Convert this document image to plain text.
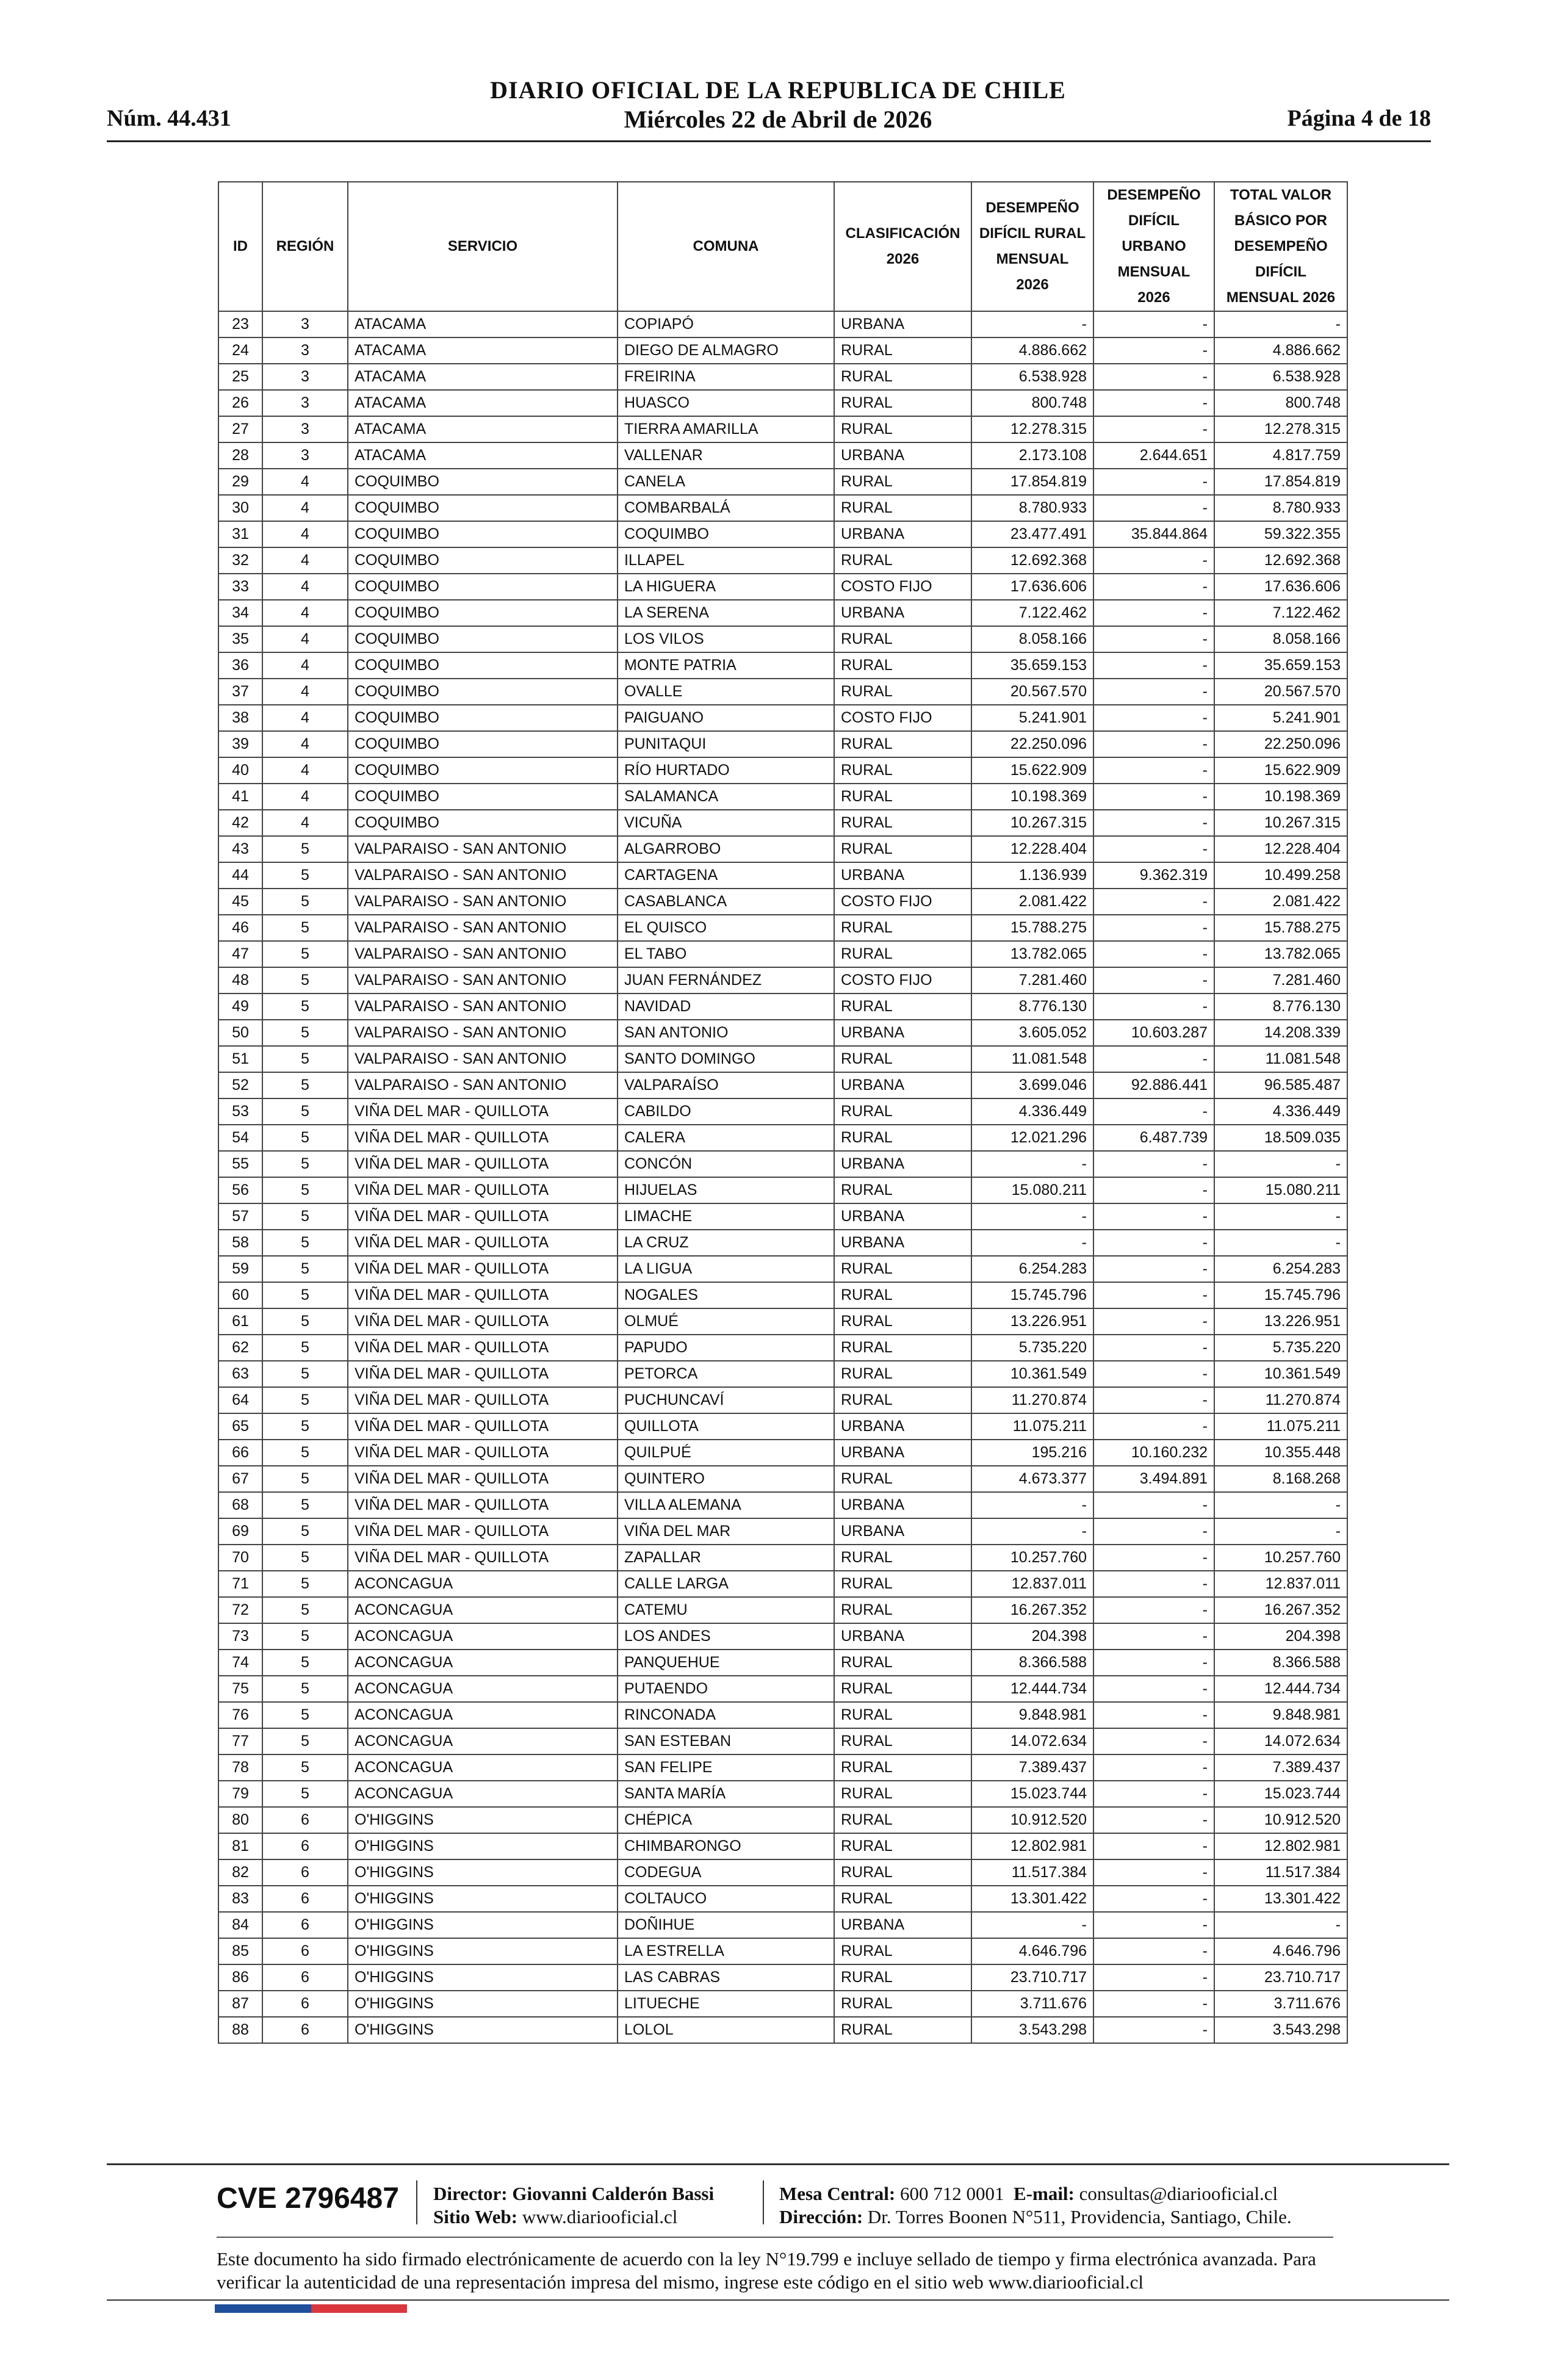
DIARIO OFICIAL DE LA REPUBLICA DE CHILE
Núm. 44.431	Miércoles 22 de Abril de 2026	Página 4 de 18
ID	REGIÓN	SERVICIO	COMUNA	CLASIFICACIÓN 2026	DESEMPEÑO DIFÍCIL RURAL MENSUAL 2026	DESEMPEÑO DIFÍCIL URBANO MENSUAL 2026	TOTAL VALOR BÁSICO POR DESEMPEÑO DIFÍCIL MENSUAL 2026
23	3	ATACAMA	COPIAPÓ	URBANA	-	-	-
24	3	ATACAMA	DIEGO DE ALMAGRO	RURAL	4.886.662	-	4.886.662
25	3	ATACAMA	FREIRINA	RURAL	6.538.928	-	6.538.928
26	3	ATACAMA	HUASCO	RURAL	800.748	-	800.748
27	3	ATACAMA	TIERRA AMARILLA	RURAL	12.278.315	-	12.278.315
28	3	ATACAMA	VALLENAR	URBANA	2.173.108	2.644.651	4.817.759
29	4	COQUIMBO	CANELA	RURAL	17.854.819	-	17.854.819
30	4	COQUIMBO	COMBARBALÁ	RURAL	8.780.933	-	8.780.933
31	4	COQUIMBO	COQUIMBO	URBANA	23.477.491	35.844.864	59.322.355
32	4	COQUIMBO	ILLAPEL	RURAL	12.692.368	-	12.692.368
33	4	COQUIMBO	LA HIGUERA	COSTO FIJO	17.636.606	-	17.636.606
34	4	COQUIMBO	LA SERENA	URBANA	7.122.462	-	7.122.462
35	4	COQUIMBO	LOS VILOS	RURAL	8.058.166	-	8.058.166
36	4	COQUIMBO	MONTE PATRIA	RURAL	35.659.153	-	35.659.153
37	4	COQUIMBO	OVALLE	RURAL	20.567.570	-	20.567.570
38	4	COQUIMBO	PAIGUANO	COSTO FIJO	5.241.901	-	5.241.901
39	4	COQUIMBO	PUNITAQUI	RURAL	22.250.096	-	22.250.096
40	4	COQUIMBO	RÍO HURTADO	RURAL	15.622.909	-	15.622.909
41	4	COQUIMBO	SALAMANCA	RURAL	10.198.369	-	10.198.369
42	4	COQUIMBO	VICUÑA	RURAL	10.267.315	-	10.267.315
43	5	VALPARAISO - SAN ANTONIO	ALGARROBO	RURAL	12.228.404	-	12.228.404
44	5	VALPARAISO - SAN ANTONIO	CARTAGENA	URBANA	1.136.939	9.362.319	10.499.258
45	5	VALPARAISO - SAN ANTONIO	CASABLANCA	COSTO FIJO	2.081.422	-	2.081.422
46	5	VALPARAISO - SAN ANTONIO	EL QUISCO	RURAL	15.788.275	-	15.788.275
47	5	VALPARAISO - SAN ANTONIO	EL TABO	RURAL	13.782.065	-	13.782.065
48	5	VALPARAISO - SAN ANTONIO	JUAN FERNÁNDEZ	COSTO FIJO	7.281.460	-	7.281.460
49	5	VALPARAISO - SAN ANTONIO	NAVIDAD	RURAL	8.776.130	-	8.776.130
50	5	VALPARAISO - SAN ANTONIO	SAN ANTONIO	URBANA	3.605.052	10.603.287	14.208.339
51	5	VALPARAISO - SAN ANTONIO	SANTO DOMINGO	RURAL	11.081.548	-	11.081.548
52	5	VALPARAISO - SAN ANTONIO	VALPARAÍSO	URBANA	3.699.046	92.886.441	96.585.487
53	5	VIÑA DEL MAR - QUILLOTA	CABILDO	RURAL	4.336.449	-	4.336.449
54	5	VIÑA DEL MAR - QUILLOTA	CALERA	RURAL	12.021.296	6.487.739	18.509.035
55	5	VIÑA DEL MAR - QUILLOTA	CONCÓN	URBANA	-	-	-
56	5	VIÑA DEL MAR - QUILLOTA	HIJUELAS	RURAL	15.080.211	-	15.080.211
57	5	VIÑA DEL MAR - QUILLOTA	LIMACHE	URBANA	-	-	-
58	5	VIÑA DEL MAR - QUILLOTA	LA CRUZ	URBANA	-	-	-
59	5	VIÑA DEL MAR - QUILLOTA	LA LIGUA	RURAL	6.254.283	-	6.254.283
60	5	VIÑA DEL MAR - QUILLOTA	NOGALES	RURAL	15.745.796	-	15.745.796
61	5	VIÑA DEL MAR - QUILLOTA	OLMUÉ	RURAL	13.226.951	-	13.226.951
62	5	VIÑA DEL MAR - QUILLOTA	PAPUDO	RURAL	5.735.220	-	5.735.220
63	5	VIÑA DEL MAR - QUILLOTA	PETORCA	RURAL	10.361.549	-	10.361.549
64	5	VIÑA DEL MAR - QUILLOTA	PUCHUNCAVÍ	RURAL	11.270.874	-	11.270.874
65	5	VIÑA DEL MAR - QUILLOTA	QUILLOTA	URBANA	11.075.211	-	11.075.211
66	5	VIÑA DEL MAR - QUILLOTA	QUILPUÉ	URBANA	195.216	10.160.232	10.355.448
67	5	VIÑA DEL MAR - QUILLOTA	QUINTERO	RURAL	4.673.377	3.494.891	8.168.268
68	5	VIÑA DEL MAR - QUILLOTA	VILLA ALEMANA	URBANA	-	-	-
69	5	VIÑA DEL MAR - QUILLOTA	VIÑA DEL MAR	URBANA	-	-	-
70	5	VIÑA DEL MAR - QUILLOTA	ZAPALLAR	RURAL	10.257.760	-	10.257.760
71	5	ACONCAGUA	CALLE LARGA	RURAL	12.837.011	-	12.837.011
72	5	ACONCAGUA	CATEMU	RURAL	16.267.352	-	16.267.352
73	5	ACONCAGUA	LOS ANDES	URBANA	204.398	-	204.398
74	5	ACONCAGUA	PANQUEHUE	RURAL	8.366.588	-	8.366.588
75	5	ACONCAGUA	PUTAENDO	RURAL	12.444.734	-	12.444.734
76	5	ACONCAGUA	RINCONADA	RURAL	9.848.981	-	9.848.981
77	5	ACONCAGUA	SAN ESTEBAN	RURAL	14.072.634	-	14.072.634
78	5	ACONCAGUA	SAN FELIPE	RURAL	7.389.437	-	7.389.437
79	5	ACONCAGUA	SANTA MARÍA	RURAL	15.023.744	-	15.023.744
80	6	O'HIGGINS	CHÉPICA	RURAL	10.912.520	-	10.912.520
81	6	O'HIGGINS	CHIMBARONGO	RURAL	12.802.981	-	12.802.981
82	6	O'HIGGINS	CODEGUA	RURAL	11.517.384	-	11.517.384
83	6	O'HIGGINS	COLTAUCO	RURAL	13.301.422	-	13.301.422
84	6	O'HIGGINS	DOÑIHUE	URBANA	-	-	-
85	6	O'HIGGINS	LA ESTRELLA	RURAL	4.646.796	-	4.646.796
86	6	O'HIGGINS	LAS CABRAS	RURAL	23.710.717	-	23.710.717
87	6	O'HIGGINS	LITUECHE	RURAL	3.711.676	-	3.711.676
88	6	O'HIGGINS	LOLOL	RURAL	3.543.298	-	3.543.298
CVE 2796487 Director: Giovanni Calderón Bassi
Sitio Web: www.diariooficial.cl
Mesa Central: 600 712 0001 E-mail: consultas@diariooficial.cl
Dirección: Dr. Torres Boonen N°511, Providencia, Santiago, Chile.
Este documento ha sido firmado electrónicamente de acuerdo con la ley N°19.799 e incluye sellado de tiempo y firma electrónica avanzada. Para verificar la autenticidad de una representación impresa del mismo, ingrese este código en el sitio web www.diariooficial.cl
